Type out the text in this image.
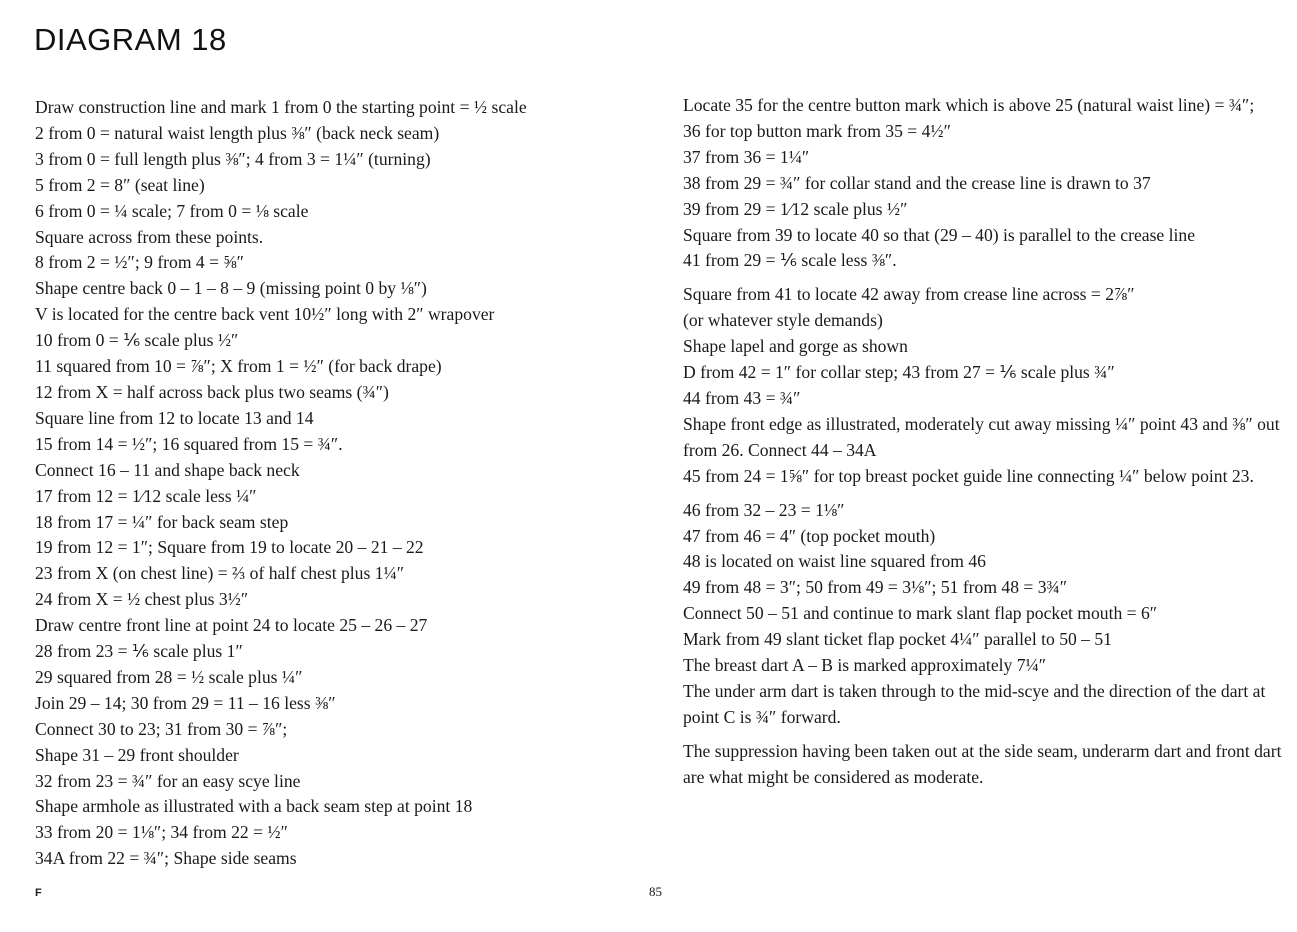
DIAGRAM 18
Draw construction line and mark 1 from 0 the starting point = ½ scale
2 from 0 = natural waist length plus ⅜″ (back neck seam)
3 from 0 = full length plus ⅜″; 4 from 3 = 1¼″ (turning)
5 from 2 = 8″ (seat line)
6 from 0 = ¼ scale; 7 from 0 = ⅛ scale
Square across from these points.
8 from 2 = ½″; 9 from 4 = ⅝″
Shape centre back 0 – 1 – 8 – 9 (missing point 0 by ⅛″)
V is located for the centre back vent 10½″ long with 2″ wrapover
10 from 0 = ⅙ scale plus ½″
11 squared from 10 = ⅞″; X from 1 = ½″ (for back drape)
12 from X = half across back plus two seams (¾″)
Square line from 12 to locate 13 and 14
15 from 14 = ½″; 16 squared from 15 = ¾″.
Connect 16 – 11 and shape back neck
17 from 12 = 1⁄12 scale less ¼″
18 from 17 = ¼″ for back seam step
19 from 12 = 1″; Square from 19 to locate 20 – 21 – 22
23 from X (on chest line) = ⅔ of half chest plus 1¼″
24 from X = ½ chest plus 3½″
Draw centre front line at point 24 to locate 25 – 26 – 27
28 from 23 = ⅙ scale plus 1″
29 squared from 28 = ½ scale plus ¼″
Join 29 – 14; 30 from 29 = 11 – 16 less ⅜″
Connect 30 to 23; 31 from 30 = ⅞″;
Shape 31 – 29 front shoulder
32 from 23 = ¾″ for an easy scye line
Shape armhole as illustrated with a back seam step at point 18
33 from 20 = 1⅛″; 34 from 22 = ½″
34A from 22 = ¾″; Shape side seams
Locate 35 for the centre button mark which is above 25 (natural waist line) = ¾″;
36 for top button mark from 35 = 4½″
37 from 36 = 1¼″
38 from 29 = ¾″ for collar stand and the crease line is drawn to 37
39 from 29 = 1⁄12 scale plus ½″
Square from 39 to locate 40 so that (29 – 40) is parallel to the crease line
41 from 29 = ⅙ scale less ⅜″.
Square from 41 to locate 42 away from crease line across = 2⅞″
(or whatever style demands)
Shape lapel and gorge as shown
D from 42 = 1″ for collar step; 43 from 27 = ⅙ scale plus ¾″
44 from 43 = ¾″
Shape front edge as illustrated, moderately cut away missing ¼″ point 43 and ⅜″ out from 26. Connect 44 – 34A
45 from 24 = 1⅝″ for top breast pocket guide line connecting ¼″ below point 23.
46 from 32 – 23 = 1⅛″
47 from 46 = 4″ (top pocket mouth)
48 is located on waist line squared from 46
49 from 48 = 3″; 50 from 49 = 3⅛″; 51 from 48 = 3¾″
Connect 50 – 51 and continue to mark slant flap pocket mouth = 6″
Mark from 49 slant ticket flap pocket 4¼″ parallel to 50 – 51
The breast dart A – B is marked approximately 7¼″
The under arm dart is taken through to the mid-scye and the direction of the dart at point C is ¾″ forward.
The suppression having been taken out at the side seam, underarm dart and front dart are what might be considered as moderate.
F	85
